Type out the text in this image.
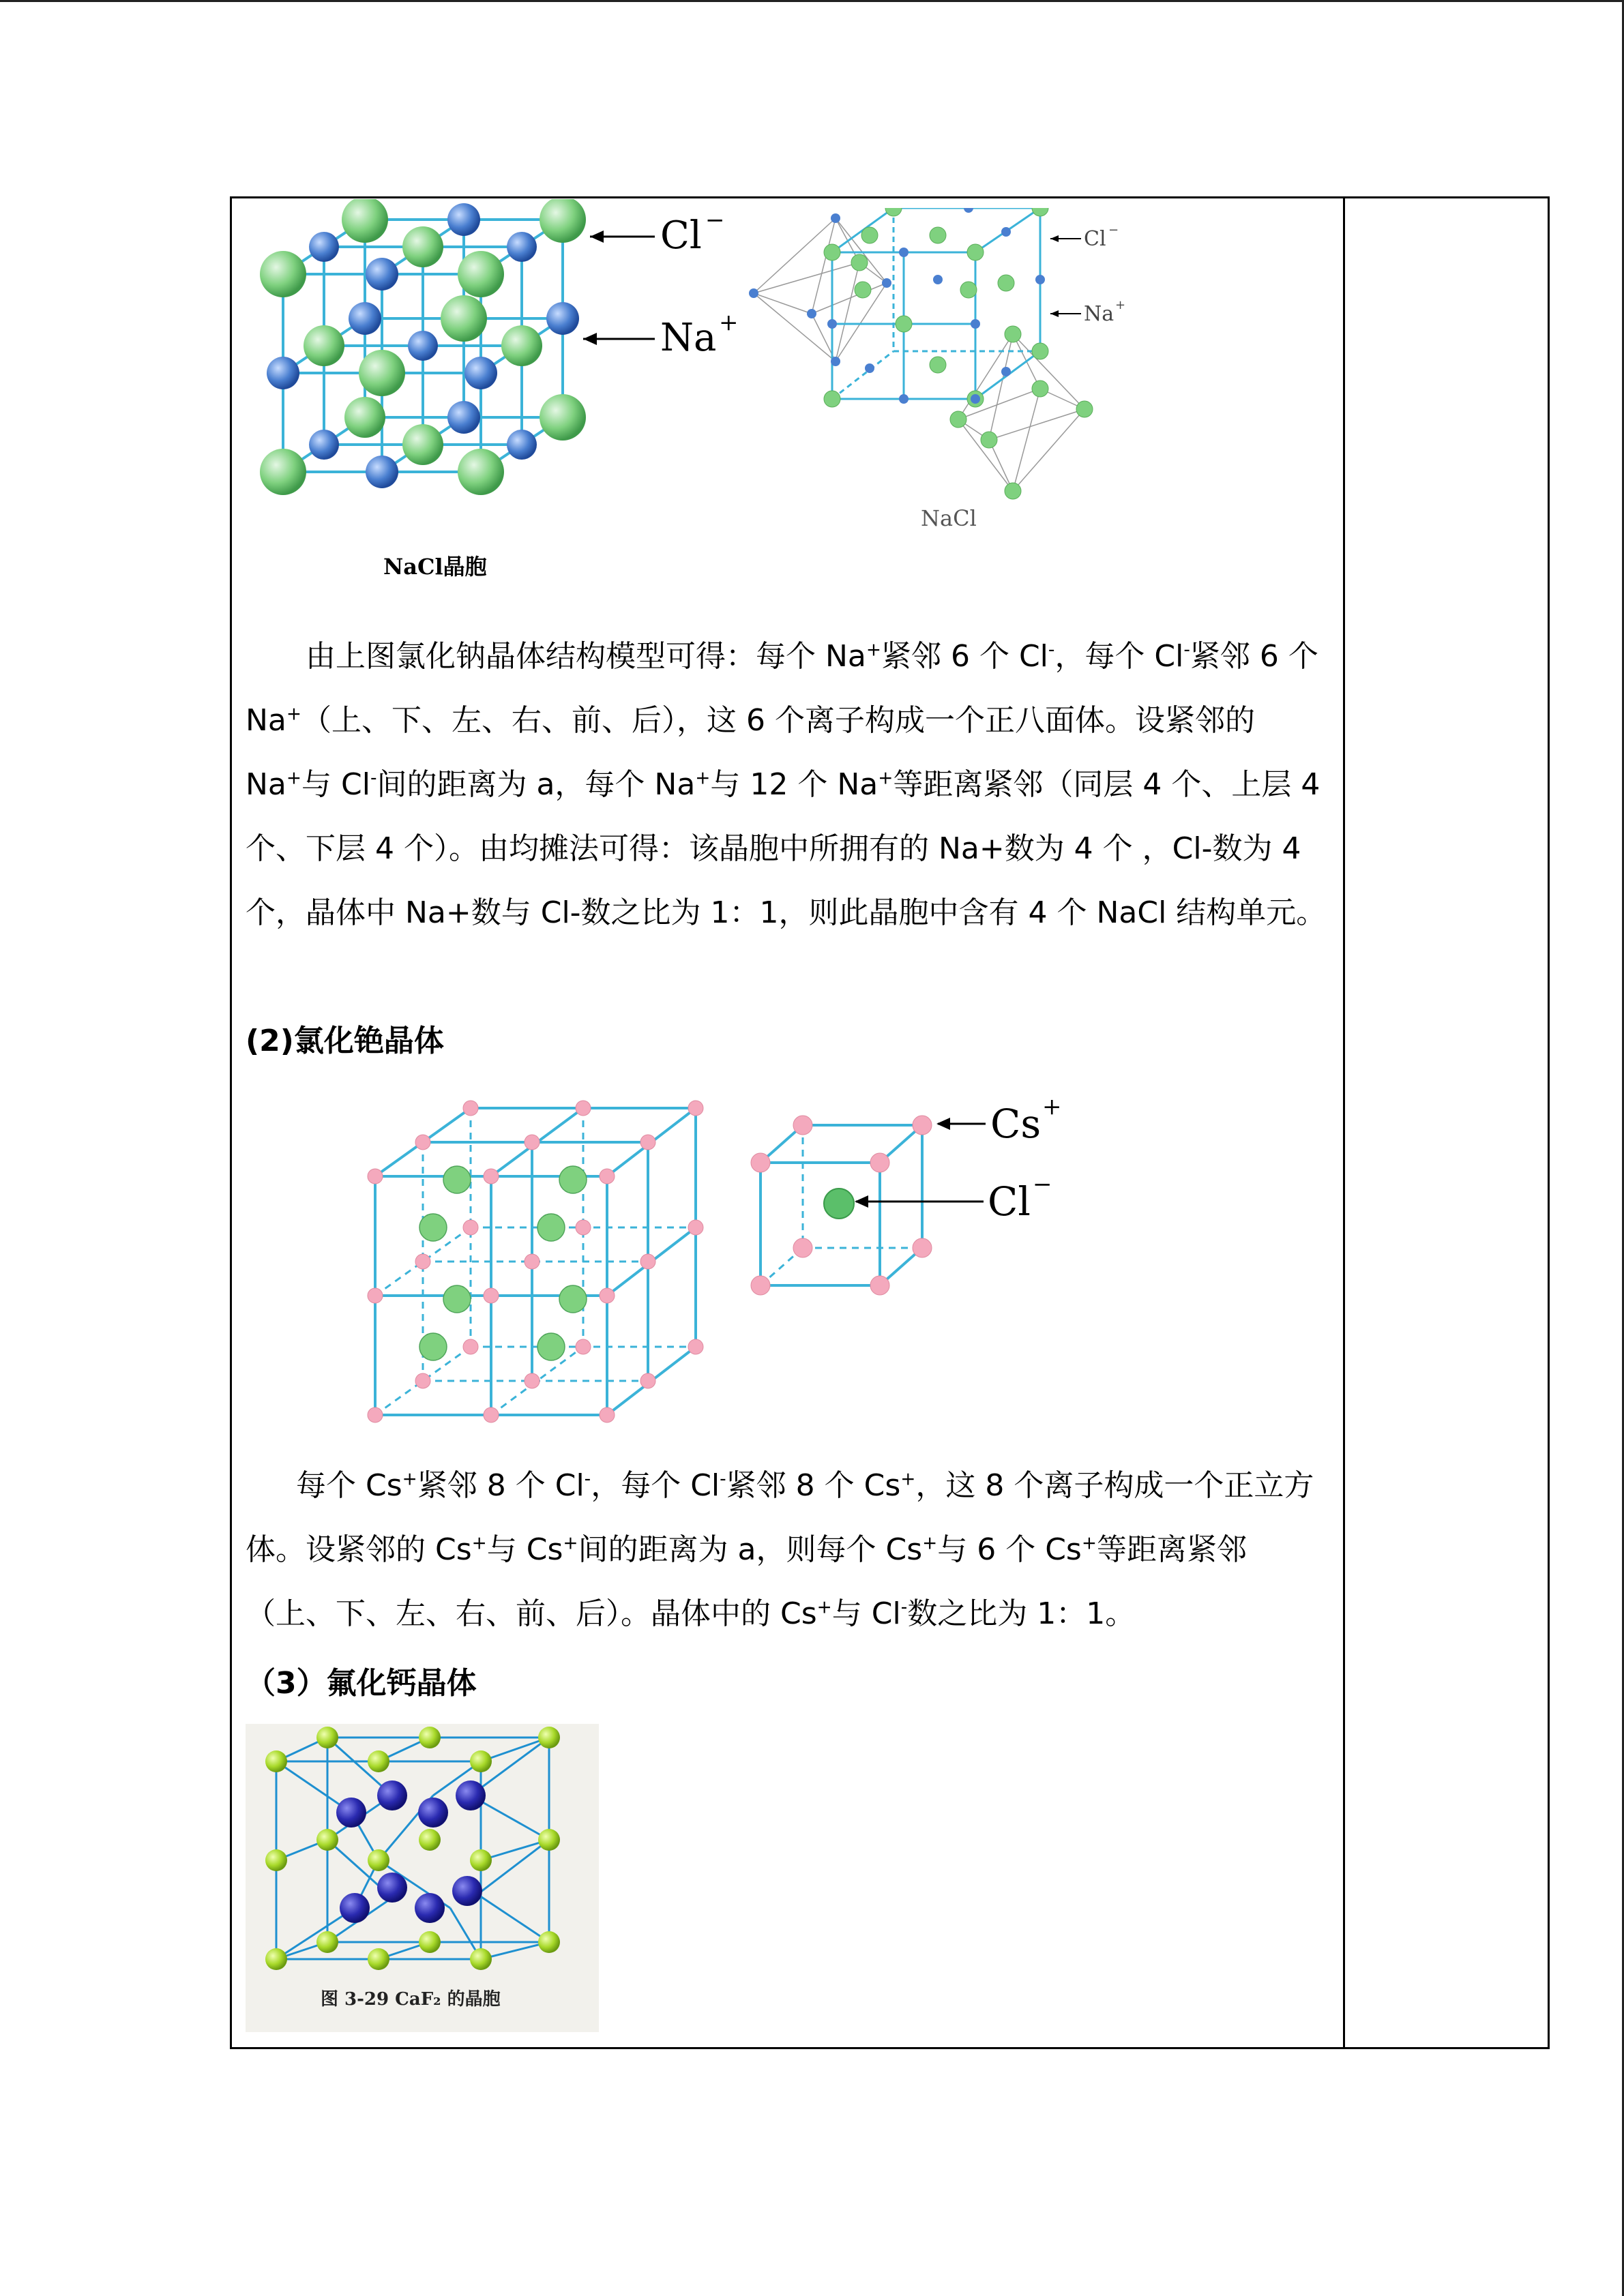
Cl −
Na +
NaCl晶胞
Cl −
Na +
NaCl

由上图氯化钠晶体结构模型可得：每个 Na+紧邻 6 个 Cl-，每个 Cl-紧邻 6 个 Na+（上、下、左、右、前、后），这 6 个离子构成一个正八面体。设紧邻的 Na+与 Cl-间的距离为 a，每个 Na+与 12 个 Na+等距离紧邻（同层 4 个、上层 4 个、下层 4 个）。由均摊法可得：该晶胞中所拥有的 Na+数为 4 个 ，Cl-数为 4 个，晶体中 Na+数与 Cl-数之比为 1：1，则此晶胞中含有 4 个 NaCl 结构单元。

(2)氯化铯晶体

Cs +
Cl −

每个 Cs+紧邻 8 个 Cl-，每个 Cl-紧邻 8 个 Cs+，这 8 个离子构成一个正立方体。设紧邻的 Cs+与 Cs+间的距离为 a，则每个 Cs+与 6 个 Cs+等距离紧邻（上、下、左、右、前、后）。晶体中的 Cs+与 Cl-数之比为 1：1。

（3）氟化钙晶体

图 3-29 CaF₂ 的晶胞
